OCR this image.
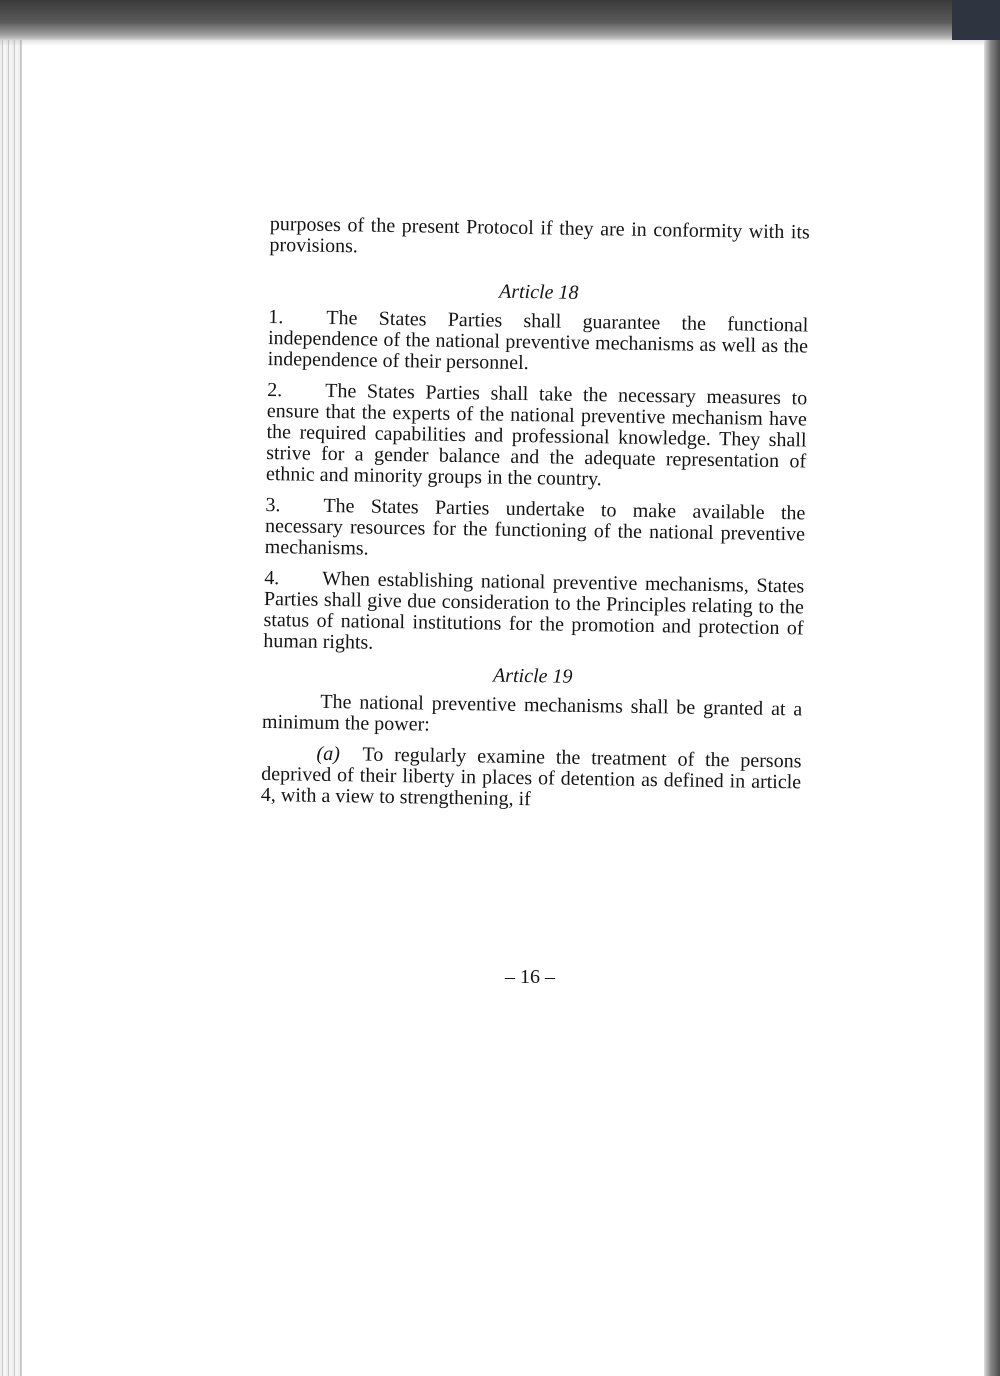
purposes of the present Protocol if they are in conformity with its provisions.

Article 18

1. The States Parties shall guarantee the functional independence of the national preventive mechanisms as well as the independence of their personnel.

2. The States Parties shall take the necessary measures to ensure that the experts of the national preventive mechanism have the required capabilities and professional knowledge. They shall strive for a gender balance and the adequate representation of ethnic and minority groups in the country.

3. The States Parties undertake to make available the necessary resources for the functioning of the national preventive mechanisms.

4. When establishing national preventive mechanisms, States Parties shall give due consideration to the Principles relating to the status of national institutions for the promotion and protection of human rights.

Article 19

The national preventive mechanisms shall be granted at a minimum the power:

(a) To regularly examine the treatment of the persons deprived of their liberty in places of detention as defined in article 4, with a view to strengthening, if

– 16 –
